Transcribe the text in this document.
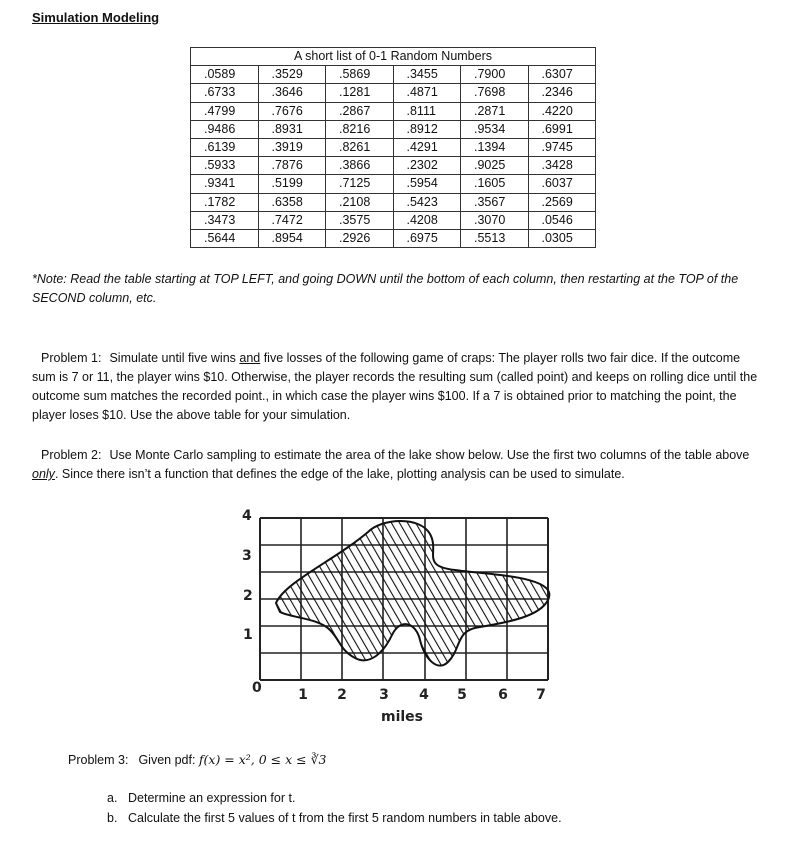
Simulation Modeling
A short list of 0-1 Random Numbers					
.0589	.3529	.5869	.3455	.7900	.6307
.6733	.3646	.1281	.4871	.7698	.2346
.4799	.7676	.2867	.8111	.2871	.4220
.9486	.8931	.8216	.8912	.9534	.6991
.6139	.3919	.8261	.4291	.1394	.9745
.5933	.7876	.3866	.2302	.9025	.3428
.9341	.5199	.7125	.5954	.1605	.6037
.1782	.6358	.2108	.5423	.3567	.2569
.3473	.7472	.3575	.4208	.3070	.0546
.5644	.8954	.2926	.6975	.5513	.0305
*Note: Read the table starting at TOP LEFT, and going DOWN until the bottom of each column, then restarting at the TOP of the SECOND column, etc.
Problem 1: Simulate until five wins and five losses of the following game of craps: The player rolls two fair dice. If the outcome sum is 7 or 11, the player wins $10. Otherwise, the player records the resulting sum (called point) and keeps on rolling dice until the outcome sum matches the recorded point., in which case the player wins $100. If a 7 is obtained prior to matching the point, the player loses $10. Use the above table for your simulation.
Problem 2: Use Monte Carlo sampling to estimate the area of the lake show below. Use the first two columns of the table above only. Since there isn’t a function that defines the edge of the lake, plotting analysis can be used to simulate.
4
3
2
1
0	1 2 3 4 5 6 7
miles
Problem 3: Given pdf: f(x) = x², 0 ≤ x ≤ ∛3
a. Determine an expression for t.
b. Calculate the first 5 values of t from the first 5 random numbers in table above.
